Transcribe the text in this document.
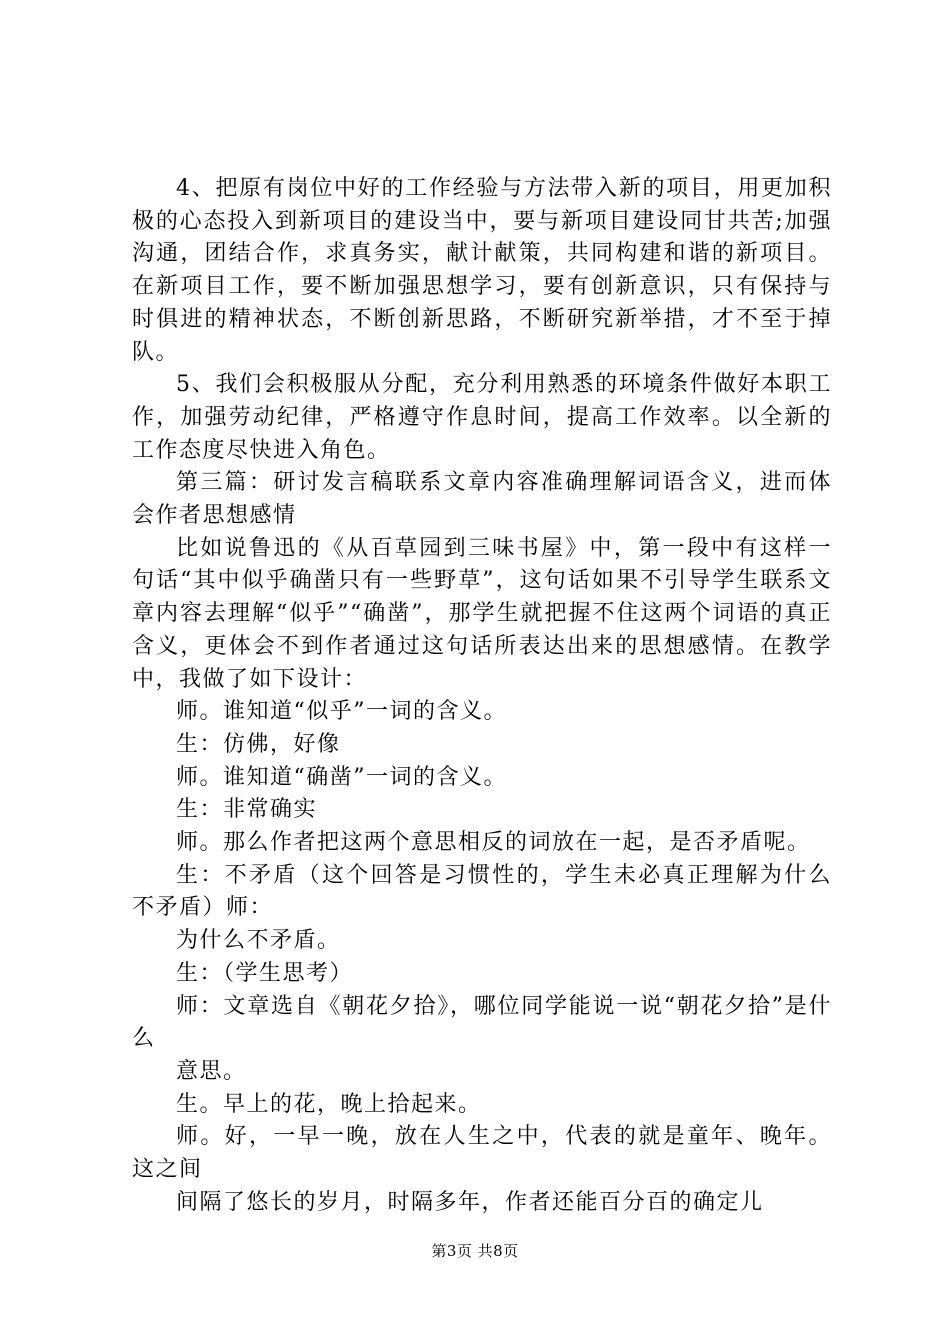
4、把原有岗位中好的工作经验与方法带入新的项目，用更加积极的心态投入到新项目的建设当中，要与新项目建设同甘共苦;加强沟通，团结合作，求真务实，献计献策，共同构建和谐的新项目。在新项目工作，要不断加强思想学习，要有创新意识，只有保持与时俱进的精神状态，不断创新思路，不断研究新举措，才不至于掉队。

5、我们会积极服从分配，充分利用熟悉的环境条件做好本职工作，加强劳动纪律，严格遵守作息时间，提高工作效率。以全新的工作态度尽快进入角色。

第三篇：研讨发言稿联系文章内容准确理解词语含义，进而体会作者思想感情

比如说鲁迅的《从百草园到三味书屋》中，第一段中有这样一句话“其中似乎确凿只有一些野草”，这句话如果不引导学生联系文章内容去理解“似乎”“确凿”，那学生就把握不住这两个词语的真正含义，更体会不到作者通过这句话所表达出来的思想感情。在教学中，我做了如下设计：

师。谁知道“似乎”一词的含义。

生：仿佛，好像

师。谁知道“确凿”一词的含义。

生：非常确实

师。那么作者把这两个意思相反的词放在一起，是否矛盾呢。

生：不矛盾（这个回答是习惯性的，学生未必真正理解为什么不矛盾）师：

为什么不矛盾。

生：（学生思考）

师：文章选自《朝花夕拾》，哪位同学能说一说“朝花夕拾”是什么

意思。

生。早上的花，晚上拾起来。

师。好，一早一晚，放在人生之中，代表的就是童年、晚年。这之间

间隔了悠长的岁月，时隔多年，作者还能百分百的确定儿

第3页 共8页
